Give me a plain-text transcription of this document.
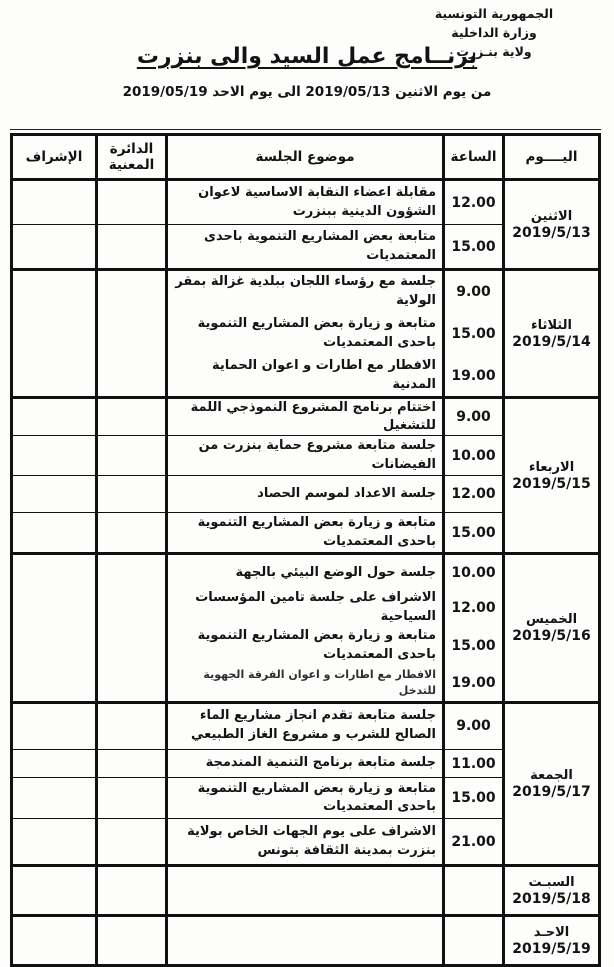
الجمهورية التونسية
وزارة الداخلية
ولاية بنـزرت
برنــامج عمل السيد والى بنزرت
من يوم الاثنين 2019/05/13 الى يوم الاحد 2019/05/19
اليــــوم
الساعة
موضوع الجلسة
الدائرة المعنية
الإشراف
الاثنين
2019/5/13
12.00
مقابلة اعضاء النقابة الاساسية لاعوان الشؤون الدينية ببنزرت
15.00
متابعة بعض المشاريع التنموية باحدى المعتمديات
الثلاثاء
2019/5/14
9.00
جلسة مع رؤساء اللجان ببلدية غزالة بمقر الولاية
15.00
متابعة و زيارة بعض المشاريع التنموية باحدى المعتمديات
19.00
الافطار مع اطارات و اعوان الحماية المدنية
الاربعاء
2019/5/15
9.00
اختتام برنامج المشروع النموذجي اللمة للتشغيل
10.00
جلسة متابعة مشروع حماية بنزرت من الفيضانات
12.00
جلسة الاعداد لموسم الحصاد
15.00
متابعة و زيارة بعض المشاريع التنموية باحدى المعتمديات
الخميس
2019/5/16
10.00
جلسة حول الوضع البيئي بالجهة
12.00
الاشراف على جلسة تامين المؤسسات السياحية
15.00
متابعة و زيارة بعض المشاريع التنموية باحدى المعتمديات
19.00
الافطار مع اطارات و اعوان الفرقة الجهوية للتدخل
الجمعة
2019/5/17
9.00
جلسة متابعة تقدم انجاز مشاريع الماء الصالح للشرب و مشروع الغاز الطبيعي
11.00
جلسة متابعة برنامج التنمية المندمجة
15.00
متابعة و زيارة بعض المشاريع التنموية باحدى المعتمديات
21.00
الاشراف على يوم الجهات الخاص بولاية بنزرت بمدينة الثقافة بتونس
السبـت
2019/5/18
الاحـد
2019/5/19
